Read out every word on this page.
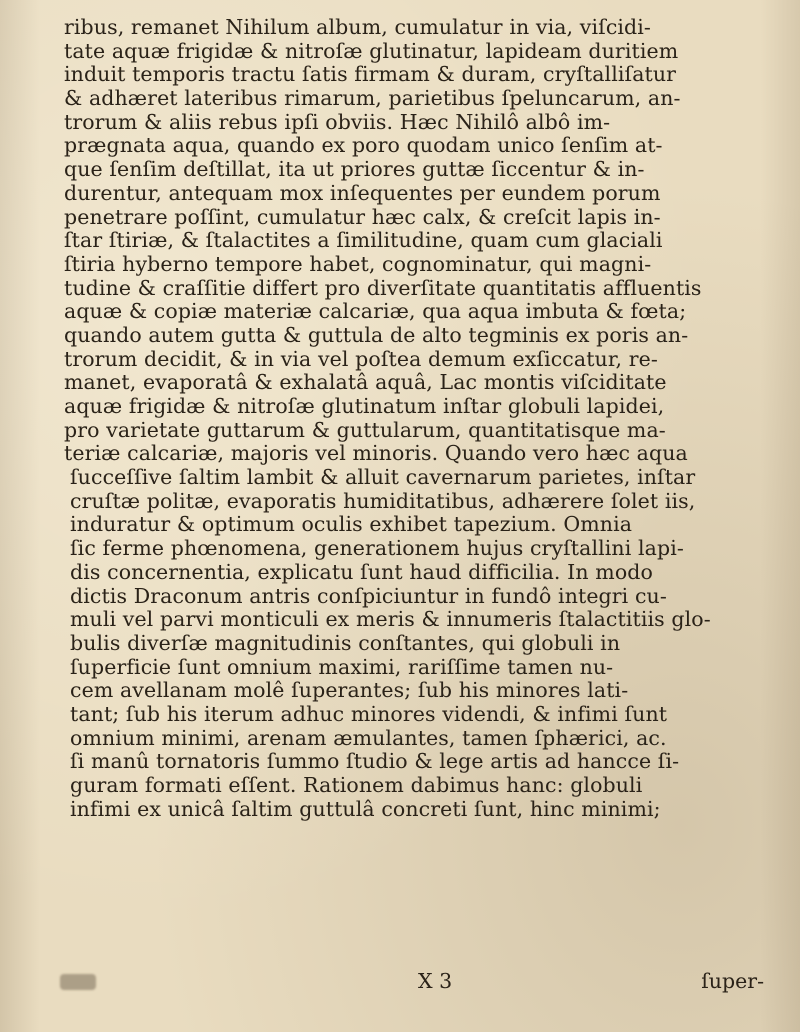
ribus, remanet Nihilum album, cumulatur in via, viſcidi-
tate aquæ frigidæ & nitroſæ glutinatur, lapideam duritiem
induit temporis tractu ſatis firmam & duram, cryſtalliſatur
& adhæret lateribus rimarum, parietibus ſpeluncarum, an-
trorum & aliis rebus ipſi obviis. Hæc Nihilô albô im-
prægnata aqua, quando ex poro quodam unico ſenſim at-
que ſenſim deſtillat, ita ut priores guttæ ſiccentur & in-
durentur, antequam mox inſequentes per eundem porum
penetrare poſſint, cumulatur hæc calx, & creſcit lapis in-
ſtar ſtiriæ, & ſtalactites a ſimilitudine, quam cum glaciali
ſtiria hyberno tempore habet, cognominatur, qui magni-
tudine & craſſitie differt pro diverſitate quantitatis affluentis
aquæ & copiæ materiæ calcariæ, qua aqua imbuta & fœta;
quando autem gutta & guttula de alto tegminis ex poris an-
trorum decidit, & in via vel poſtea demum exſiccatur, re-
manet, evaporatâ & exhalatâ aquâ, Lac montis viſciditate
aquæ frigidæ & nitroſæ glutinatum inſtar globuli lapidei,
pro varietate guttarum & guttularum, quantitatisque ma-
teriæ calcariæ, majoris vel minoris. Quando vero hæc aqua
ſucceſſive ſaltim lambit & alluit cavernarum parietes, inſtar
cruſtæ politæ, evaporatis humiditatibus, adhærere ſolet iis,
induratur & optimum oculis exhibet tapezium. Omnia
ſic ferme phœnomena, generationem hujus cryſtallini lapi-
dis concernentia, explicatu ſunt haud difficilia. In modo
dictis Draconum antris conſpiciuntur in fundô integri cu-
muli vel parvi monticuli ex meris & innumeris ſtalactitiis glo-
bulis diverſæ magnitudinis conſtantes, qui globuli in
ſuperficie ſunt omnium maximi, rariſſime tamen nu-
cem avellanam molê ſuperantes; ſub his minores lati-
tant; ſub his iterum adhuc minores videndi, & infimi ſunt
omnium minimi, arenam æmulantes, tamen ſphærici, ac.
ſi manû tornatoris ſummo ſtudio & lege artis ad hancce ſi-
guram formati eſſent. Rationem dabimus hanc: globuli
infimi ex unicâ ſaltim guttulâ concreti ſunt, hinc minimi;
X 3	ſuper-
